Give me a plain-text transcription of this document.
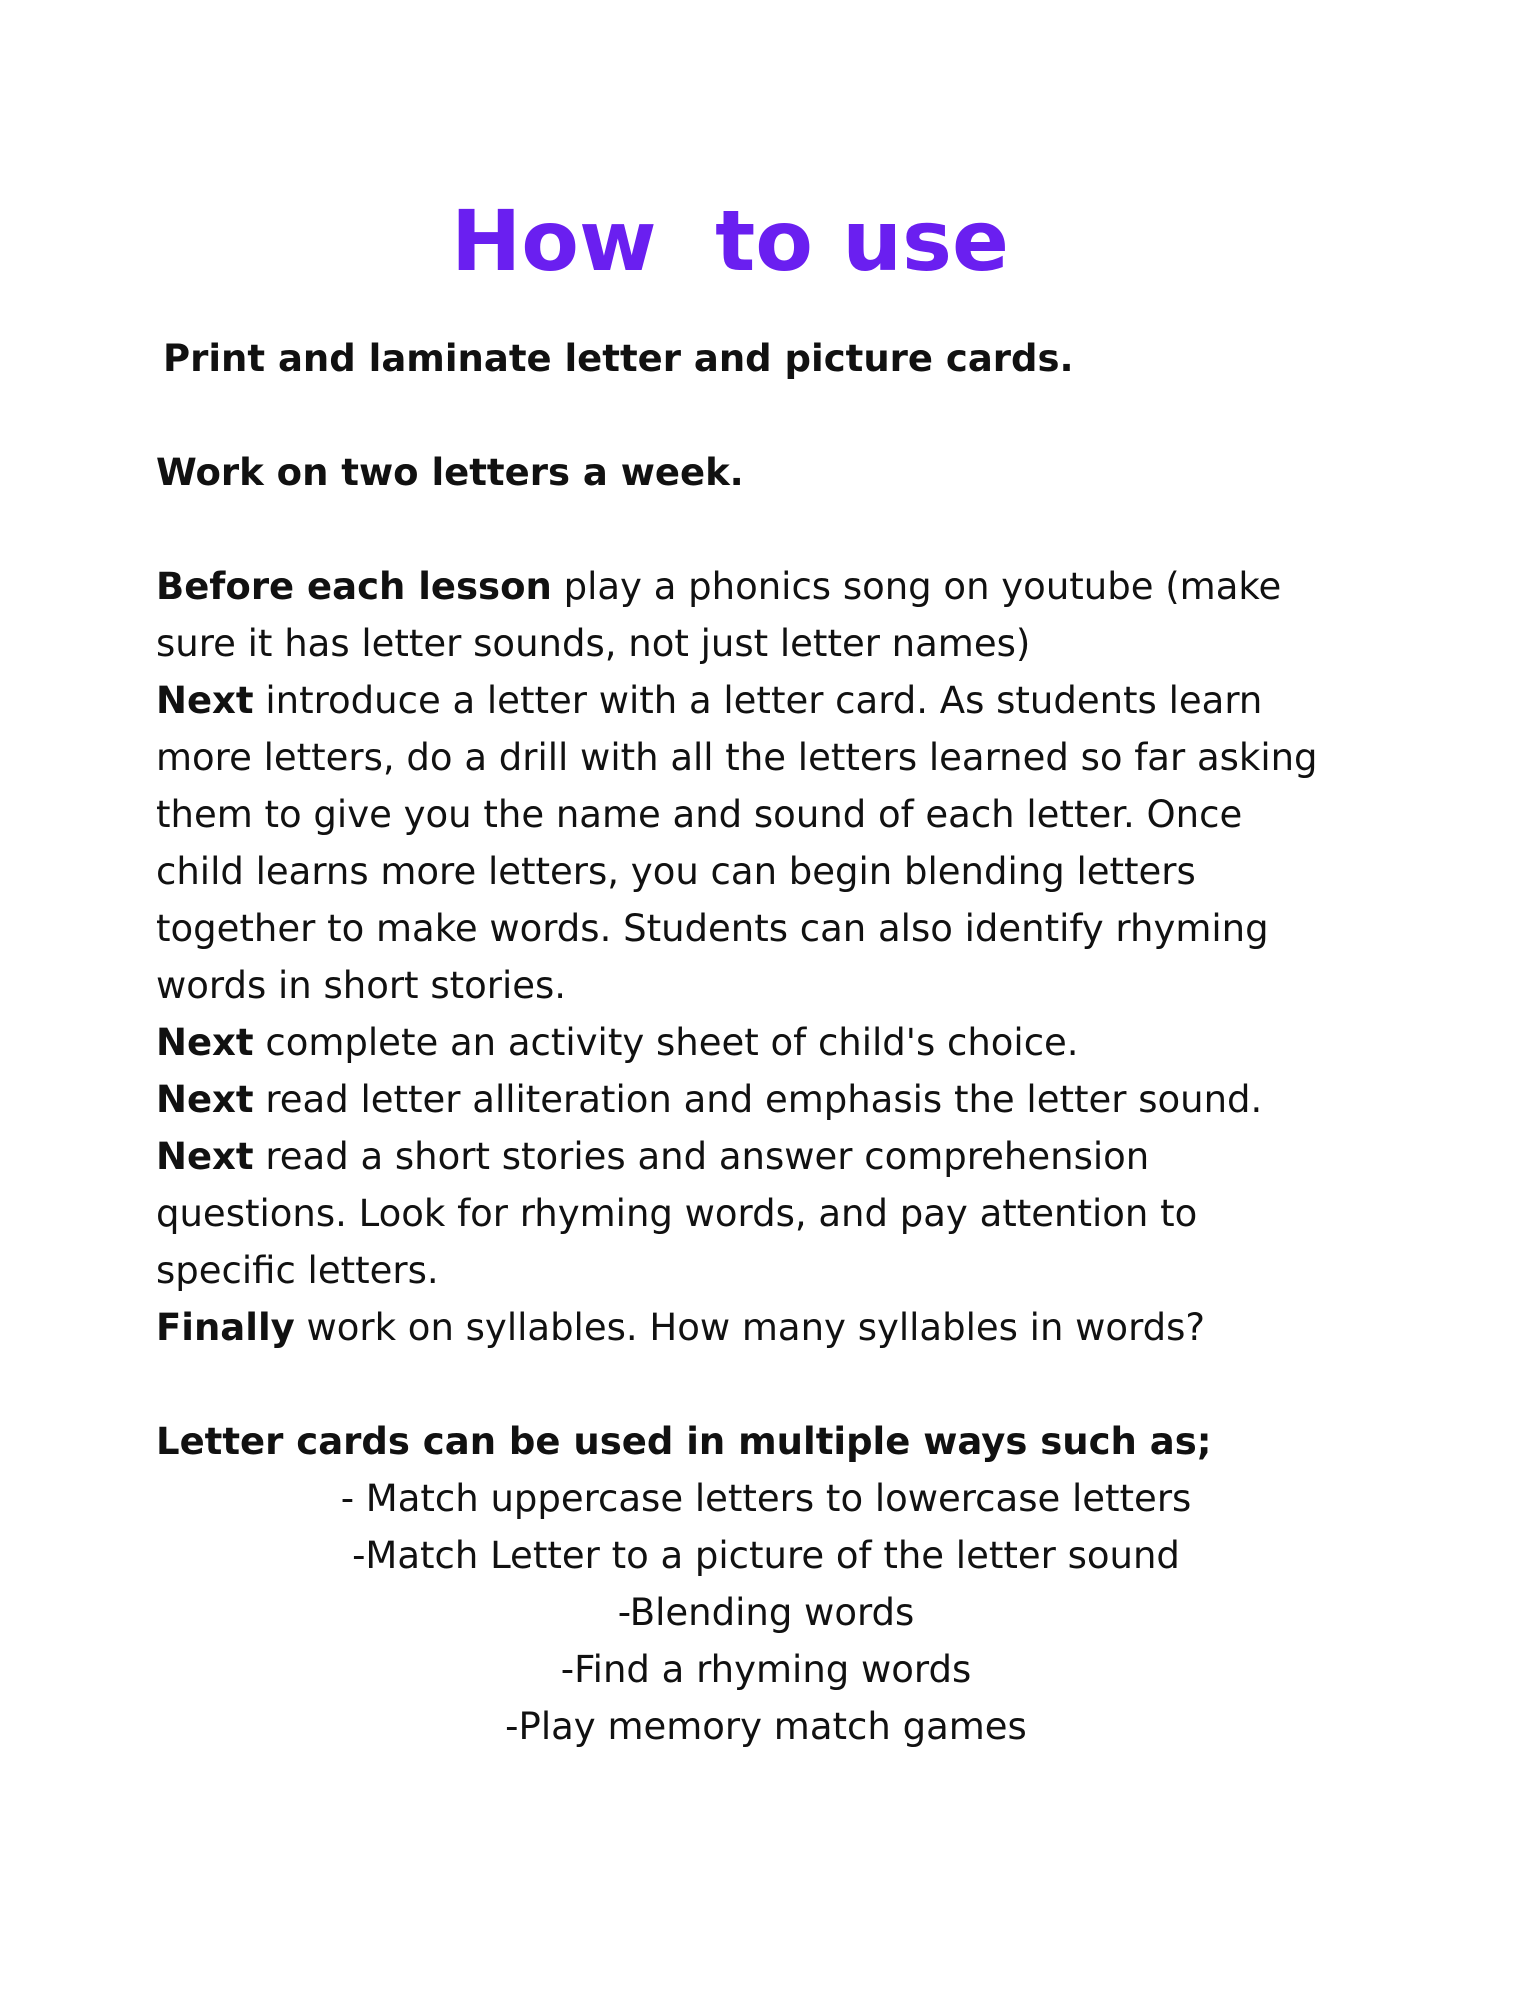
How  to use
Print and laminate letter and picture cards.
Work on two letters a week.
Before each lesson play a phonics song on youtube (make
sure it has letter sounds, not just letter names)
Next introduce a letter with a letter card. As students learn
more letters, do a drill with all the letters learned so far asking
them to give you the name and sound of each letter. Once
child learns more letters, you can begin blending letters
together to make words. Students can also identify rhyming
words in short stories.
Next complete an activity sheet of child's choice.
Next read letter alliteration and emphasis the letter sound.
Next read a short stories and answer comprehension
questions. Look for rhyming words, and pay attention to
specific letters.
Finally work on syllables. How many syllables in words?
Letter cards can be used in multiple ways such as;
- Match uppercase letters to lowercase letters
-Match Letter to a picture of the letter sound
-Blending words
-Find a rhyming words
-Play memory match games
